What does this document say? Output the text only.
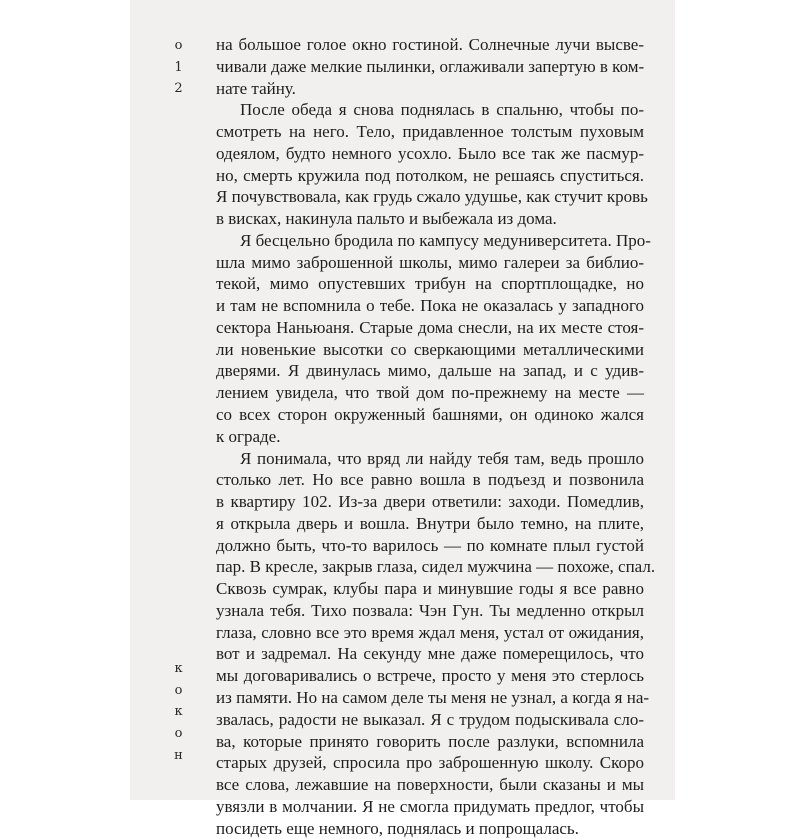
о
1
2
к
о
к
о
н
на большое голое окно гостиной. Солнечные лучи высве-
чивали даже мелкие пылинки, оглаживали запертую в ком-
нате тайну.
После обеда я снова поднялась в спальню, чтобы по-
смотреть на него. Тело, придавленное толстым пуховым
одеялом, будто немного усохло. Было все так же пасмур-
но, смерть кружила под потолком, не решаясь спуститься.
Я почувствовала, как грудь сжало удушье, как стучит кровь
в висках, накинула пальто и выбежала из дома.
Я бесцельно бродила по кампусу медуниверситета. Про-
шла мимо заброшенной школы, мимо галереи за библио-
текой, мимо опустевших трибун на спортплощадке, но
и там не вспомнила о тебе. Пока не оказалась у западного
сектора Наньюаня. Старые дома снесли, на их месте стоя-
ли новенькие высотки со сверкающими металлическими
дверями. Я двинулась мимо, дальше на запад, и с удив-
лением увидела, что твой дом по-прежнему на месте —
со всех сторон окруженный башнями, он одиноко жался
к ограде.
Я понимала, что вряд ли найду тебя там, ведь прошло
столько лет. Но все равно вошла в подъезд и позвонила
в квартиру 102. Из-за двери ответили: заходи. Помедлив,
я открыла дверь и вошла. Внутри было темно, на плите,
должно быть, что-то варилось — по комнате плыл густой
пар. В кресле, закрыв глаза, сидел мужчина — похоже, спал.
Сквозь сумрак, клубы пара и минувшие годы я все равно
узнала тебя. Тихо позвала: Чэн Гун. Ты медленно открыл
глаза, словно все это время ждал меня, устал от ожидания,
вот и задремал. На секунду мне даже померещилось, что
мы договаривались о встрече, просто у меня это стерлось
из памяти. Но на самом деле ты меня не узнал, а когда я на-
звалась, радости не выказал. Я с трудом подыскивала сло-
ва, которые принято говорить после разлуки, вспомнила
старых друзей, спросила про заброшенную школу. Скоро
все слова, лежавшие на поверхности, были сказаны и мы
увязли в молчании. Я не смогла придумать предлог, чтобы
посидеть еще немного, поднялась и попрощалась.
